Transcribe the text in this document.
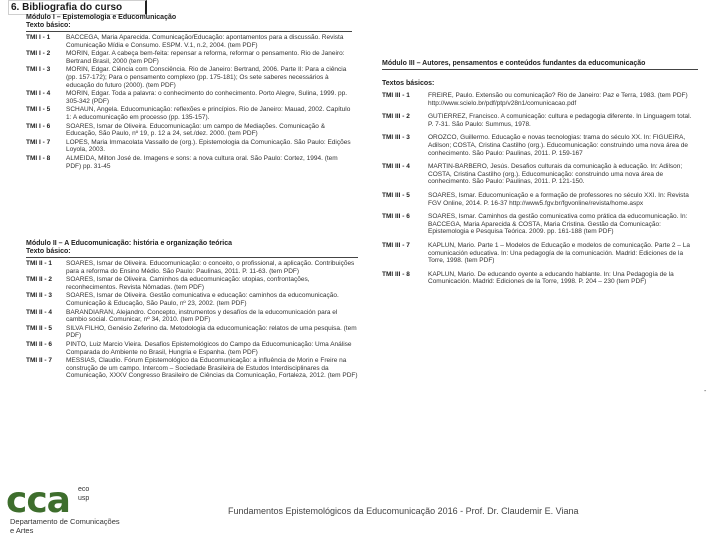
6. Bibliografia do curso
Módulo I – Epistemologia e Educomunicação
Texto básico:
TMI I - 1	BACCEGA, Maria Aparecida. Comunicação/Educação: apontamentos para a discussão. Revista Comunicação Mídia e Consumo. ESPM. V.1, n.2, 2004. (tem PDF)
TMI I - 2	MORIN, Edgar. A cabeça bem-feita: repensar a reforma, reformar o pensamento. Rio de Janeiro: Bertrand Brasil, 2000 (tem PDF)
TMI I - 3	MORIN, Edgar. Ciência com Consciência. Rio de Janeiro: Bertrand, 2006. Parte II: Para a ciência (pp. 157-172); Para o pensamento complexo (pp. 175-181); Os sete saberes necessários à educação do futuro (2000). (tem PDF)
TMI I - 4	MORIN, Edgar. Toda a palavra: o conhecimento do conhecimento. Porto Alegre, Sulina, 1999. pp. 305-342 (PDF)
TMI I - 5	SCHAUN, Angela. Educomunicação: reflexões e princípios. Rio de Janeiro: Mauad, 2002. Capítulo 1: A educomunicação em processo (pp. 135-157).
TMI I - 6	SOARES, Ismar de Oliveira. Educomunicação: um campo de Mediações. Comunicação & Educação, São Paulo, nº 19, p. 12 a 24, set./dez. 2000. (tem PDF)
TMI I - 7	LOPES, Maria Immacolata Vassallo de (org.). Epistemologia da Comunicação. São Paulo: Edições Loyola, 2003.
TMI I - 8	ALMEIDA, Milton José de. Imagens e sons: a nova cultura oral. São Paulo: Cortez, 1994. (tem PDF) pp. 31-45
Módulo II – A Educomunicação: história e organização teórica
Texto básico:
TMI II - 1	SOARES, Ismar de Oliveira. Educomunicação: o conceito, o profissional, a aplicação. Contribuições para a reforma do Ensino Médio. São Paulo: Paulinas, 2011. P. 11-63. (tem PDF)
TMI II - 2	SOARES, Ismar de Oliveira. Caminhos da educomunicação: utopias, confrontações, reconhecimentos. Revista Nômadas. (tem PDF)
TMI II - 3	SOARES, Ismar de Oliveira. Gestão comunicativa e educação: caminhos da educomunicação. Comunicação & Educação, São Paulo, nº 23, 2002. (tem PDF)
TMI II - 4	BARANDIARÁN, Alejandro. Concepto, instrumentos y desafíos de la educomunicación para el cambio social. Comunicar, nº 34, 2010. (tem PDF)
TMI II - 5	SILVA FILHO, Genésio Zeferino da. Metodologia da educomunicação: relatos de uma pesquisa. (tem PDF)
TMI II - 6	PINTO, Luiz Marcio Vieira. Desafios Epistemológicos do Campo da Educomunicação: Uma Análise Comparada do Ambiente no Brasil, Hungria e Espanha. (tem PDF)
TMI II - 7	MESSIAS, Claudio. Fórum Epistemológico da Educomunicação: a influência de Morin e Freire na construção de um campo. Intercom – Sociedade Brasileira de Estudos Interdisciplinares da Comunicação, XXXV Congresso Brasileiro de Ciências da Comunicação, Fortaleza, 2012. (tem PDF)
Módulo III – Autores, pensamentos e conteúdos fundantes da educomunicação
Textos básicos:
TMI III - 1	FREIRE, Paulo. Extensão ou comunicação? Rio de Janeiro: Paz e Terra, 1983. (tem PDF) http://www.scielo.br/pdf/ptp/v28n1/comunicacao.pdf
TMI III - 2	GUTIÉRREZ, Francisco. A comunicação: cultura e pedagogia diferente. In Linguagem total. P. 7-31. São Paulo: Summus, 1978.
TMI III - 3	OROZCO, Guillermo. Educação e novas tecnologias: trama do século XX. In: FIGUEIRA, Adilson; COSTA, Cristina Castilho (org.). Educomunicação: construindo uma nova área de conhecimento. São Paulo: Paulinas, 2011. P. 159-167
TMI III - 4	MARTIN-BARBERO, Jesús. Desafios culturais da comunicação à educação. In: Adilson; COSTA, Cristina Castilho (org.). Educomunicação: construindo uma nova área de conhecimento. São Paulo: Paulinas, 2011. P. 121-150.
TMI III - 5	SOARES, Ismar. Educomunicação e a formação de professores no século XXI. In: Revista FGV Online, 2014. P. 16-37 http://www5.fgv.br/fgvonline/revista/home.aspx
TMI III - 6	SOARES, Ismar. Caminhos da gestão comunicativa como prática da educomunicação. In: BACCEGA, Maria Aparecida & COSTA, Maria Cristina. Gestão da Comunicação: Epistemologia e Pesquisa Teórica. 2009. pp. 161-188 (tem PDF)
TMI III - 7	KAPLÚN, Mario. Parte 1 – Modelos de Educação e modelos de comunicação. Parte 2 – La comunicación educativa. In: Una pedagogía de la comunicación. Madrid: Ediciones de la Torre, 1998. (tem PDF)
TMI III - 8	KAPLÚN, Mario. De educando oyente a educando hablante. In: Una Pedagogía de la Comunicación. Madrid: Ediciones de la Torre, 1998. P. 204 – 230 (tem PDF)
cca eco
usp
Departamento de Comunicações e Artes
Fundamentos Epistemológicos da Educomunicação 2016 - Prof. Dr. Claudemir E. Viana
-
